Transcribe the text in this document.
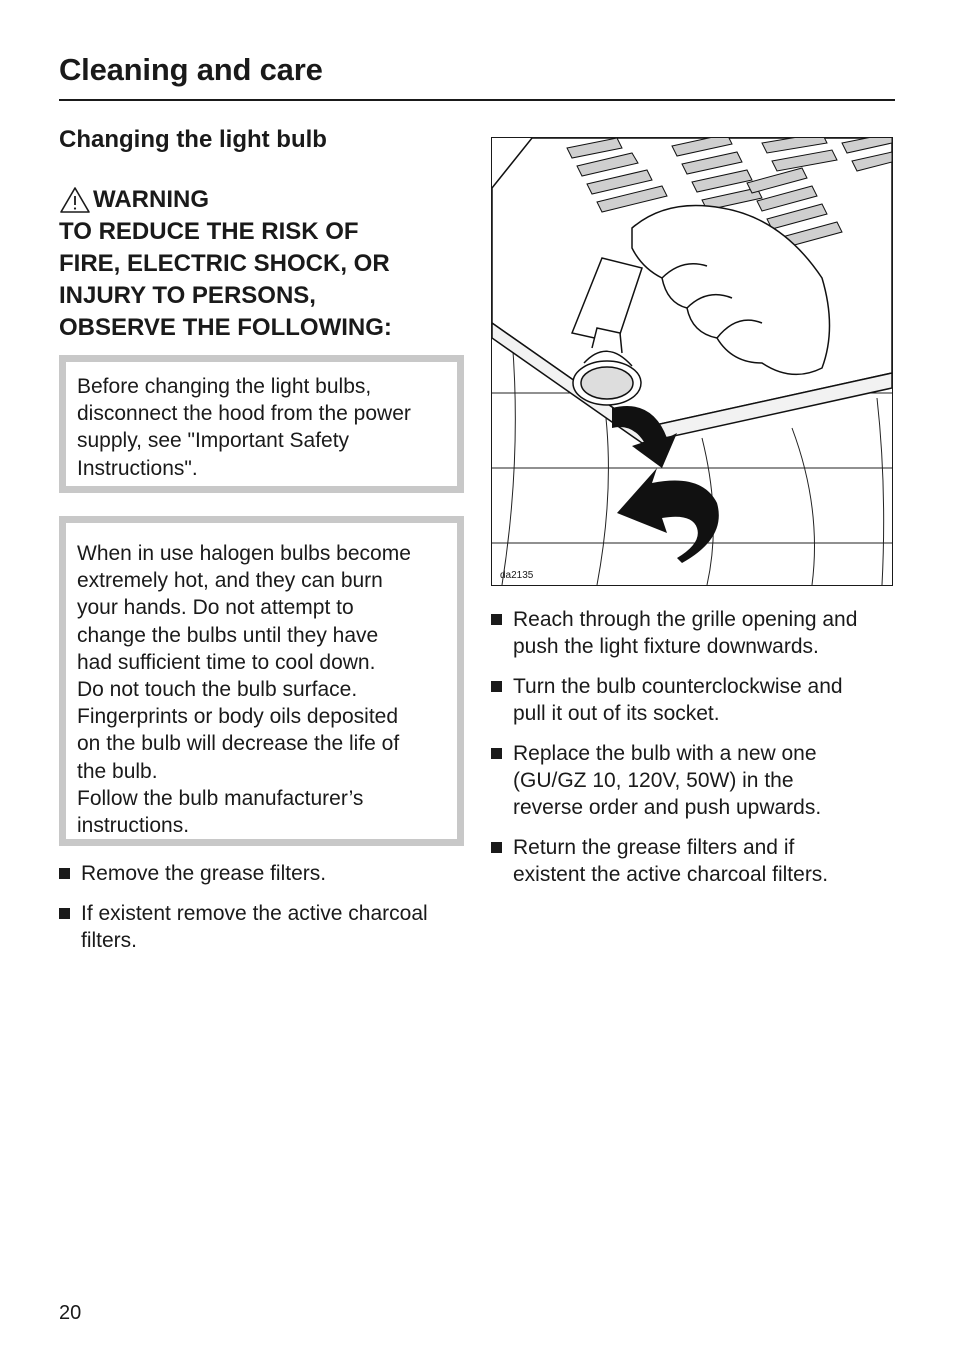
Cleaning and care
Changing the light bulb
WARNING
TO REDUCE THE RISK OF
FIRE, ELECTRIC SHOCK, OR
INJURY TO PERSONS,
OBSERVE THE FOLLOWING:

Before changing the light bulbs,

disconnect the hood from the power

supply, see "Important Safety

Instructions".

When in use halogen bulbs become

extremely hot, and they can burn

your hands. Do not attempt to

change the bulbs until they have

had sufficient time to cool down.

Do not touch the bulb surface.

Fingerprints or body oils deposited

on the bulb will decrease the life of

the bulb.

Follow the bulb manufacturer’s

instructions.

Remove the grease filters.
If existent remove the active charcoal
filters.
da2135
Reach through the grille opening and
push the light fixture downwards.
Turn the bulb counterclockwise and
pull it out of its socket.
Replace the bulb with a new one
(GU/GZ 10, 120V, 50W) in the
reverse order and push upwards.
Return the grease filters and if
existent the active charcoal filters.
20
